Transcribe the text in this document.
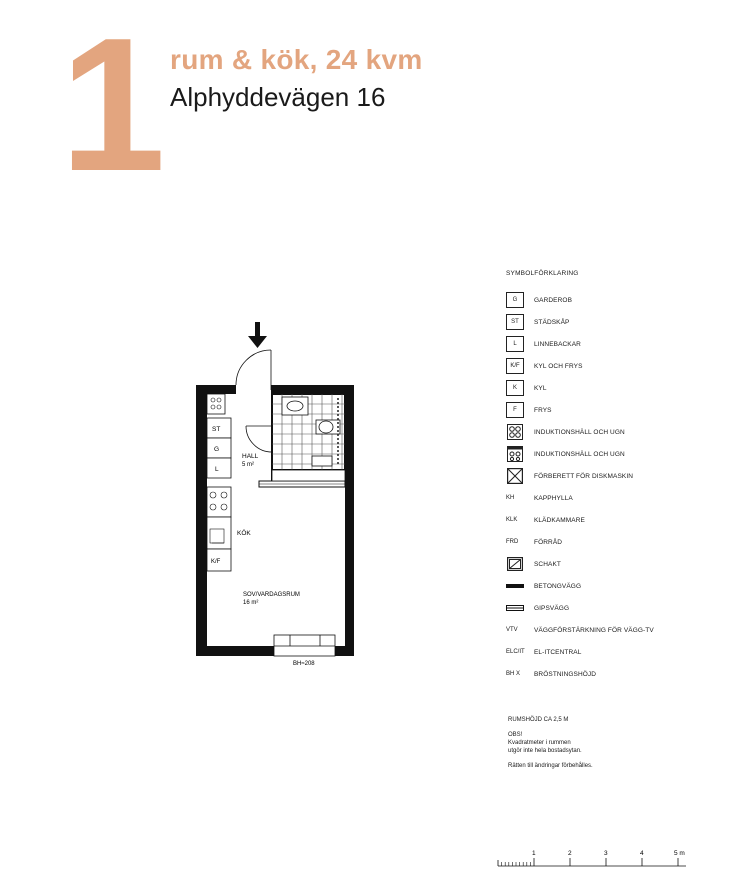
1 rum & kök, 24 kvm
Alphyddevägen 16
ST
G
L
K/F
HALL
5 m²
KÖK
SOV/VARDAGSRUM
16 m²
BH≈208
SYMBOLFÖRKLARING
G	GARDEROB
ST	STÄDSKÅP
L	LINNEBACKAR
K/F	KYL OCH FRYS
K	KYL
F	FRYS
INDUKTIONSHÄLL OCH UGN
INDUKTIONSHÄLL OCH UGN
FÖRBERETT FÖR DISKMASKIN
KH	KAPPHYLLA
KLK	KLÄDKAMMARE
FRD	FÖRRÅD
SCHAKT
BETONGVÄGG
GIPSVÄGG
VTV	VÄGGFÖRSTÄRKNING FÖR VÄGG-TV
ELC/IT	EL-ITCENTRAL
BH X	BRÖSTNINGSHÖJD

RUMSHÖJD CA 2,5 M

OBS!
Kvadratmeter i rummen
utgör inte hela bostadsytan.

Rätten till ändringar förbehålles.

1	2	3	4	5 m
